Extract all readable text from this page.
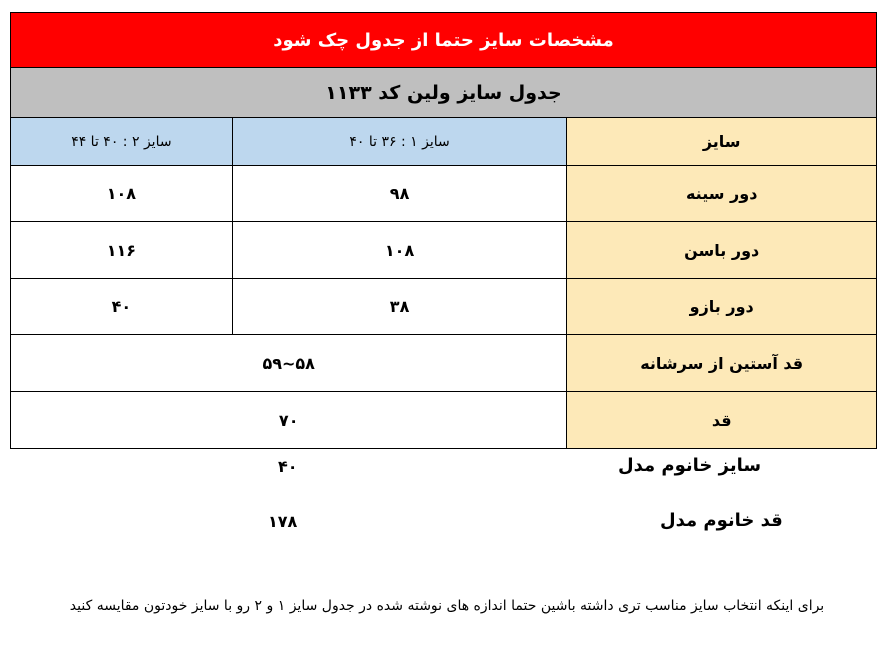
مشخصات سایز حتما از جدول چک شود
جدول سایز ولین کد ۱۱۳۳
سایز ۲ : ۴۰ تا ۴۴	سایز ۱ : ۳۶ تا ۴۰	سایز
۱۰۸	۹۸	دور سینه
۱۱۶	۱۰۸	دور باسن
۴۰	۳۸	دور بازو
۵۸~۵۹	قد آستین از سرشانه
۷۰	قد
سایز خانوم مدل
۴۰
قد خانوم مدل
۱۷۸
برای اینکه انتخاب سایز مناسب تری داشته باشین حتما اندازه های نوشته شده در جدول سایز ۱ و ۲ رو با سایز خودتون مقایسه کنید
